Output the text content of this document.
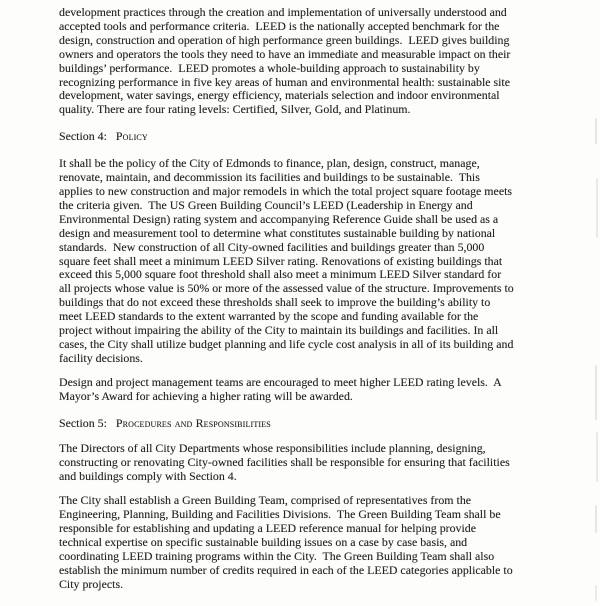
development practices through the creation and implementation of universally understood and accepted tools and performance criteria.  LEED is the nationally accepted benchmark for the design, construction and operation of high performance green buildings.  LEED gives building owners and operators the tools they need to have an immediate and measurable impact on their buildings’ performance.  LEED promotes a whole-building approach to sustainability by recognizing performance in five key areas of human and environmental health: sustainable site development, water savings, energy efficiency, materials selection and indoor environmental quality. There are four rating levels: Certified, Silver, Gold, and Platinum.

Section 4: Policy

It shall be the policy of the City of Edmonds to finance, plan, design, construct, manage, renovate, maintain, and decommission its facilities and buildings to be sustainable.  This applies to new construction and major remodels in which the total project square footage meets the criteria given.  The US Green Building Council’s LEED (Leadership in Energy and Environmental Design) rating system and accompanying Reference Guide shall be used as a design and measurement tool to determine what constitutes sustainable building by national standards.  New construction of all City-owned facilities and buildings greater than 5,000 square feet shall meet a minimum LEED Silver rating. Renovations of existing buildings that exceed this 5,000 square foot threshold shall also meet a minimum LEED Silver standard for all projects whose value is 50% or more of the assessed value of the structure. Improvements to buildings that do not exceed these thresholds shall seek to improve the building’s ability to meet LEED standards to the extent warranted by the scope and funding available for the project without impairing the ability of the City to maintain its buildings and facilities. In all cases, the City shall utilize budget planning and life cycle cost analysis in all of its building and facility decisions.

Design and project management teams are encouraged to meet higher LEED rating levels.  A Mayor’s Award for achieving a higher rating will be awarded.

Section 5: Procedures and Responsibilities

The Directors of all City Departments whose responsibilities include planning, designing, constructing or renovating City-owned facilities shall be responsible for ensuring that facilities and buildings comply with Section 4.

The City shall establish a Green Building Team, comprised of representatives from the Engineering, Planning, Building and Facilities Divisions.  The Green Building Team shall be responsible for establishing and updating a LEED reference manual for helping provide technical expertise on specific sustainable building issues on a case by case basis, and coordinating LEED training programs within the City.  The Green Building Team shall also establish the minimum number of credits required in each of the LEED categories applicable to City projects.
